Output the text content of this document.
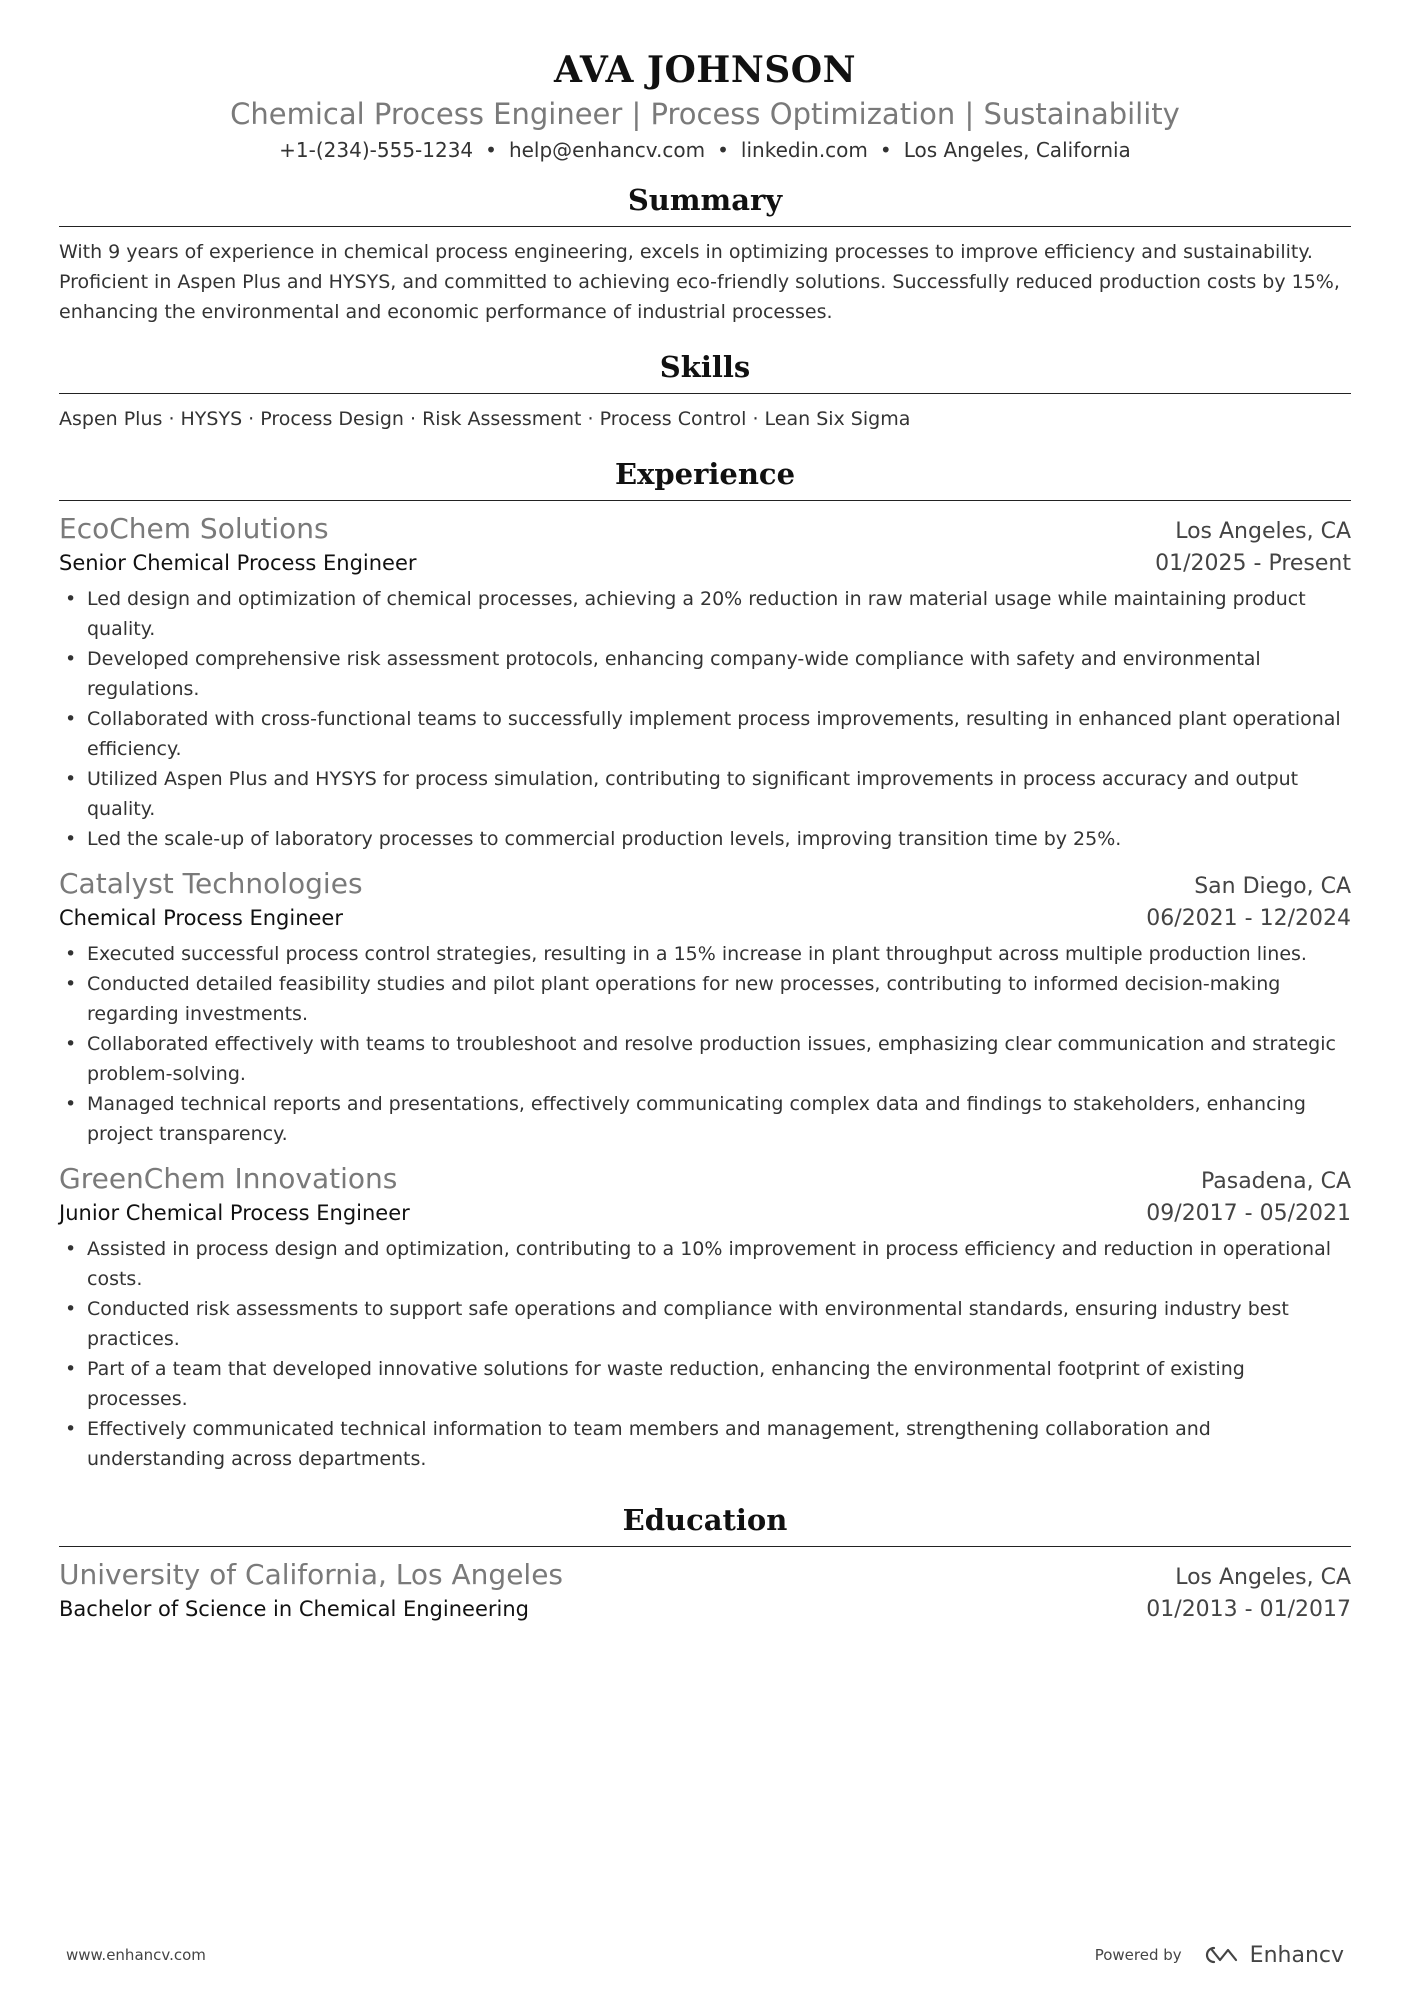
AVA JOHNSON
Chemical Process Engineer | Process Optimization | Sustainability
+1-(234)-555-1234 • help@enhancv.com • linkedin.com • Los Angeles, California
Summary

With 9 years of experience in chemical process engineering, excels in optimizing processes to improve efficiency and sustainability. Proficient in Aspen Plus and HYSYS, and committed to achieving eco-friendly solutions. Successfully reduced production costs by 15%, enhancing the environmental and economic performance of industrial processes.

Skills

Aspen Plus · HYSYS · Process Design · Risk Assessment · Process Control · Lean Six Sigma

Experience
EcoChem Solutions	Los Angeles, CA
Senior Chemical Process Engineer	01/2025 - Present
• Led design and optimization of chemical processes, achieving a 20% reduction in raw material usage while maintaining product quality.
• Developed comprehensive risk assessment protocols, enhancing company-wide compliance with safety and environmental regulations.
• Collaborated with cross-functional teams to successfully implement process improvements, resulting in enhanced plant operational efficiency.
• Utilized Aspen Plus and HYSYS for process simulation, contributing to significant improvements in process accuracy and output quality.
• Led the scale-up of laboratory processes to commercial production levels, improving transition time by 25%.
Catalyst Technologies	San Diego, CA
Chemical Process Engineer	06/2021 - 12/2024
• Executed successful process control strategies, resulting in a 15% increase in plant throughput across multiple production lines.
• Conducted detailed feasibility studies and pilot plant operations for new processes, contributing to informed decision-making regarding investments.
• Collaborated effectively with teams to troubleshoot and resolve production issues, emphasizing clear communication and strategic problem-solving.
• Managed technical reports and presentations, effectively communicating complex data and findings to stakeholders, enhancing project transparency.
GreenChem Innovations	Pasadena, CA
Junior Chemical Process Engineer	09/2017 - 05/2021
• Assisted in process design and optimization, contributing to a 10% improvement in process efficiency and reduction in operational costs.
• Conducted risk assessments to support safe operations and compliance with environmental standards, ensuring industry best practices.
• Part of a team that developed innovative solutions for waste reduction, enhancing the environmental footprint of existing processes.
• Effectively communicated technical information to team members and management, strengthening collaboration and understanding across departments.
Education
University of California, Los Angeles	Los Angeles, CA
Bachelor of Science in Chemical Engineering	01/2013 - 01/2017
www.enhancv.com	Powered by	Enhancv
